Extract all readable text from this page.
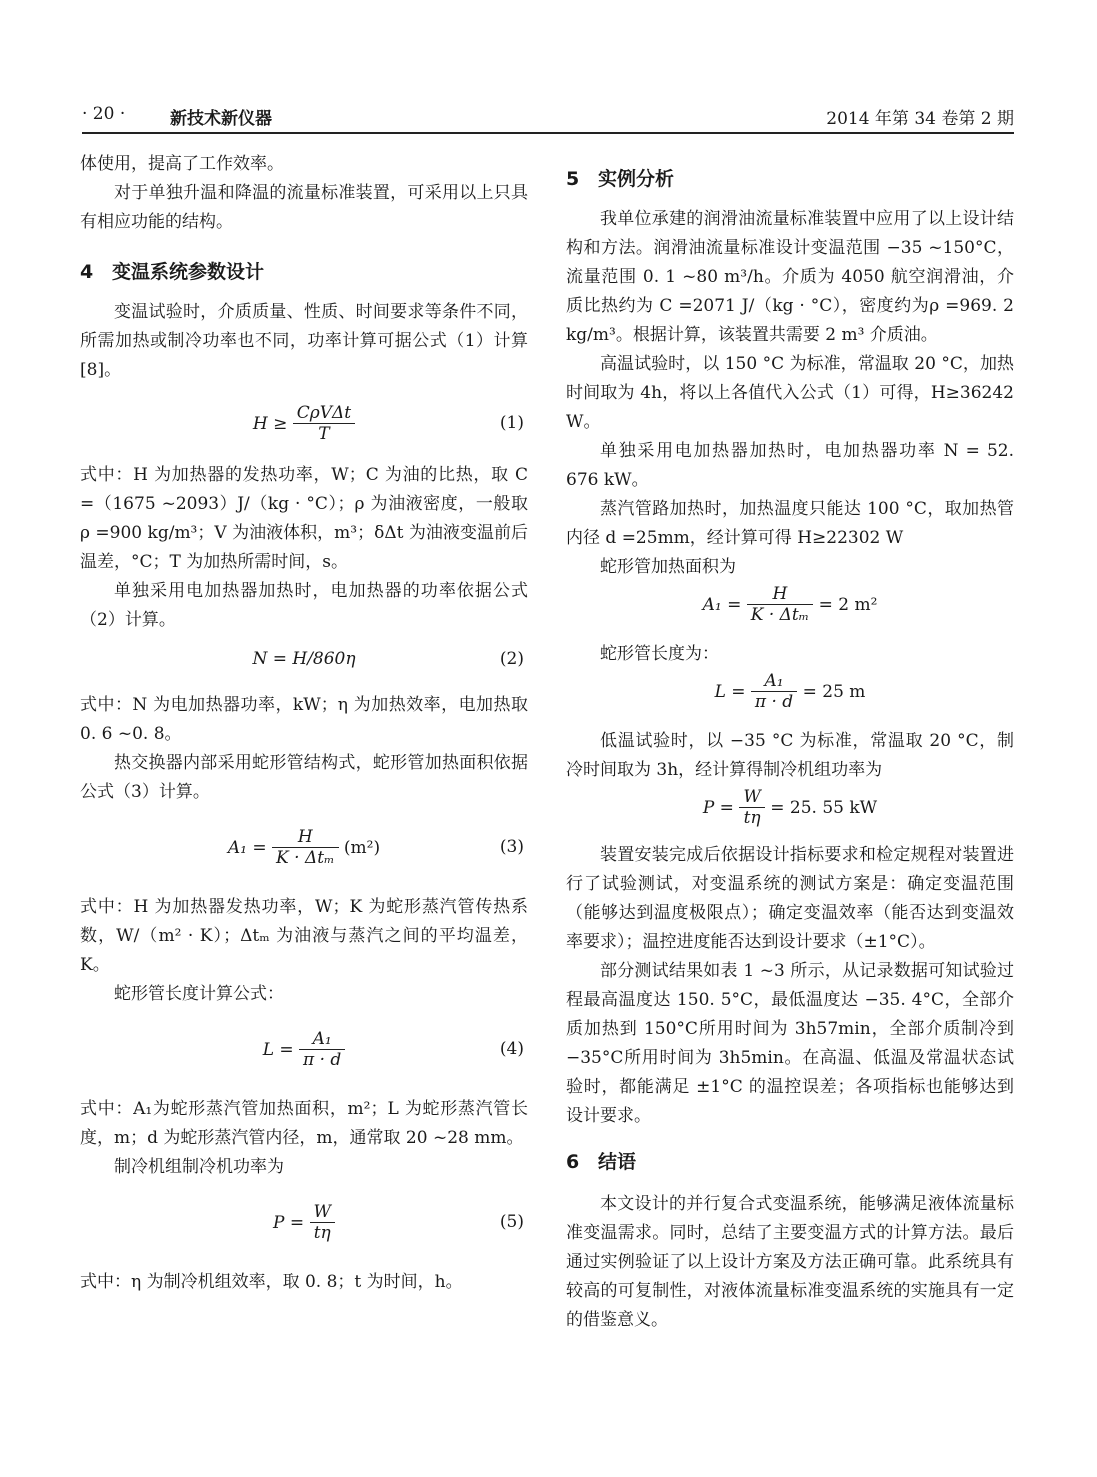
· 20 ·	新技术新仪器	2014 年第 34 卷第 2 期

体使用，提高了工作效率。

对于单独升温和降温的流量标准装置，可采用以上只具有相应功能的结构。

4 变温系统参数设计

变温试验时，介质质量、性质、时间要求等条件不同，所需加热或制冷功率也不同，功率计算可据公式（1）计算[8]。

$H \ge \frac{\text{CρVΔt}}{T}$	(1)

式中：H 为加热器的发热功率，W；C 为油的比热，取 C =（1675 ~2093）J/（kg · °C）；ρ 为油液密度，一般取 ρ =900 kg/m³；V 为油液体积，m³；δΔt 为油液变温前后温差，°C；T 为加热所需时间，s。

单独采用电加热器加热时，电加热器的功率依据公式（2）计算。

N = H/860η	(2)

式中：N 为电加热器功率，kW；η 为加热效率，电加热取 0. 6 ~0. 8。

热交换器内部采用蛇形管结构式，蛇形管加热面积依据公式（3）计算。

$A_1 = \frac{H}{\text{K · Δtₘ}} (m^2)$	(3)

式中：H 为加热器发热功率，W；K 为蛇形蒸汽管传热系数，W/（m² · K）；Δtₘ 为油液与蒸汽之间的平均温差，K。

蛇形管长度计算公式：

$L = \frac{\text{A₁}}{\pi \cdot d}$	(4)

式中：A₁为蛇形蒸汽管加热面积，m²；L 为蛇形蒸汽管长度，m；d 为蛇形蒸汽管内径，m，通常取 20 ~28 mm。

制冷机组制冷机功率为

$P = \frac{W}{t\eta}$	(5)

式中：η 为制冷机组效率，取 0. 8；t 为时间，h。

5 实例分析

我单位承建的润滑油流量标准装置中应用了以上设计结构和方法。润滑油流量标准设计变温范围 −35 ~150°C，流量范围 0. 1 ~80 m³/h。介质为 4050 航空润滑油，介质比热约为 C =2071 J/（kg · °C），密度约为ρ =969. 2 kg/m³。根据计算，该装置共需要 2 m³ 介质油。

高温试验时，以 150 °C 为标准，常温取 20 °C，加热时间取为 4h，将以上各值代入公式（1）可得，H≥36242 W。

单独采用电加热器加热时，电加热器功率 N = 52. 676 kW。

蒸汽管路加热时，加热温度只能达 100 °C，取加热管内径 d =25mm，经计算可得 H≥22302 W

蛇形管加热面积为

$A_1 = \frac{H}{\text{K · Δtₘ}} = 2$ m²

蛇形管长度为：

$L = \frac{\text{A₁}}{\pi \cdot d} = 25$ m

低温试验时，以 −35 °C 为标准，常温取 20 °C，制冷时间取为 3h，经计算得制冷机组功率为

$P = \frac{W}{t\eta} = 25$. 55 kW

装置安装完成后依据设计指标要求和检定规程对装置进行了试验测试，对变温系统的测试方案是：确定变温范围（能够达到温度极限点）；确定变温效率（能否达到变温效率要求）；温控进度能否达到设计要求（±1°C）。

部分测试结果如表 1 ~3 所示，从记录数据可知试验过程最高温度达 150. 5°C，最低温度达 −35. 4°C，全部介质加热到 150°C所用时间为 3h57min，全部介质制冷到 −35°C所用时间为 3h5min。在高温、低温及常温状态试验时，都能满足 ±1°C 的温控误差；各项指标也能够达到设计要求。

6 结语

本文设计的并行复合式变温系统，能够满足液体流量标准变温需求。同时，总结了主要变温方式的计算方法。最后通过实例验证了以上设计方案及方法正确可靠。此系统具有较高的可复制性，对液体流量标准变温系统的实施具有一定的借鉴意义。
